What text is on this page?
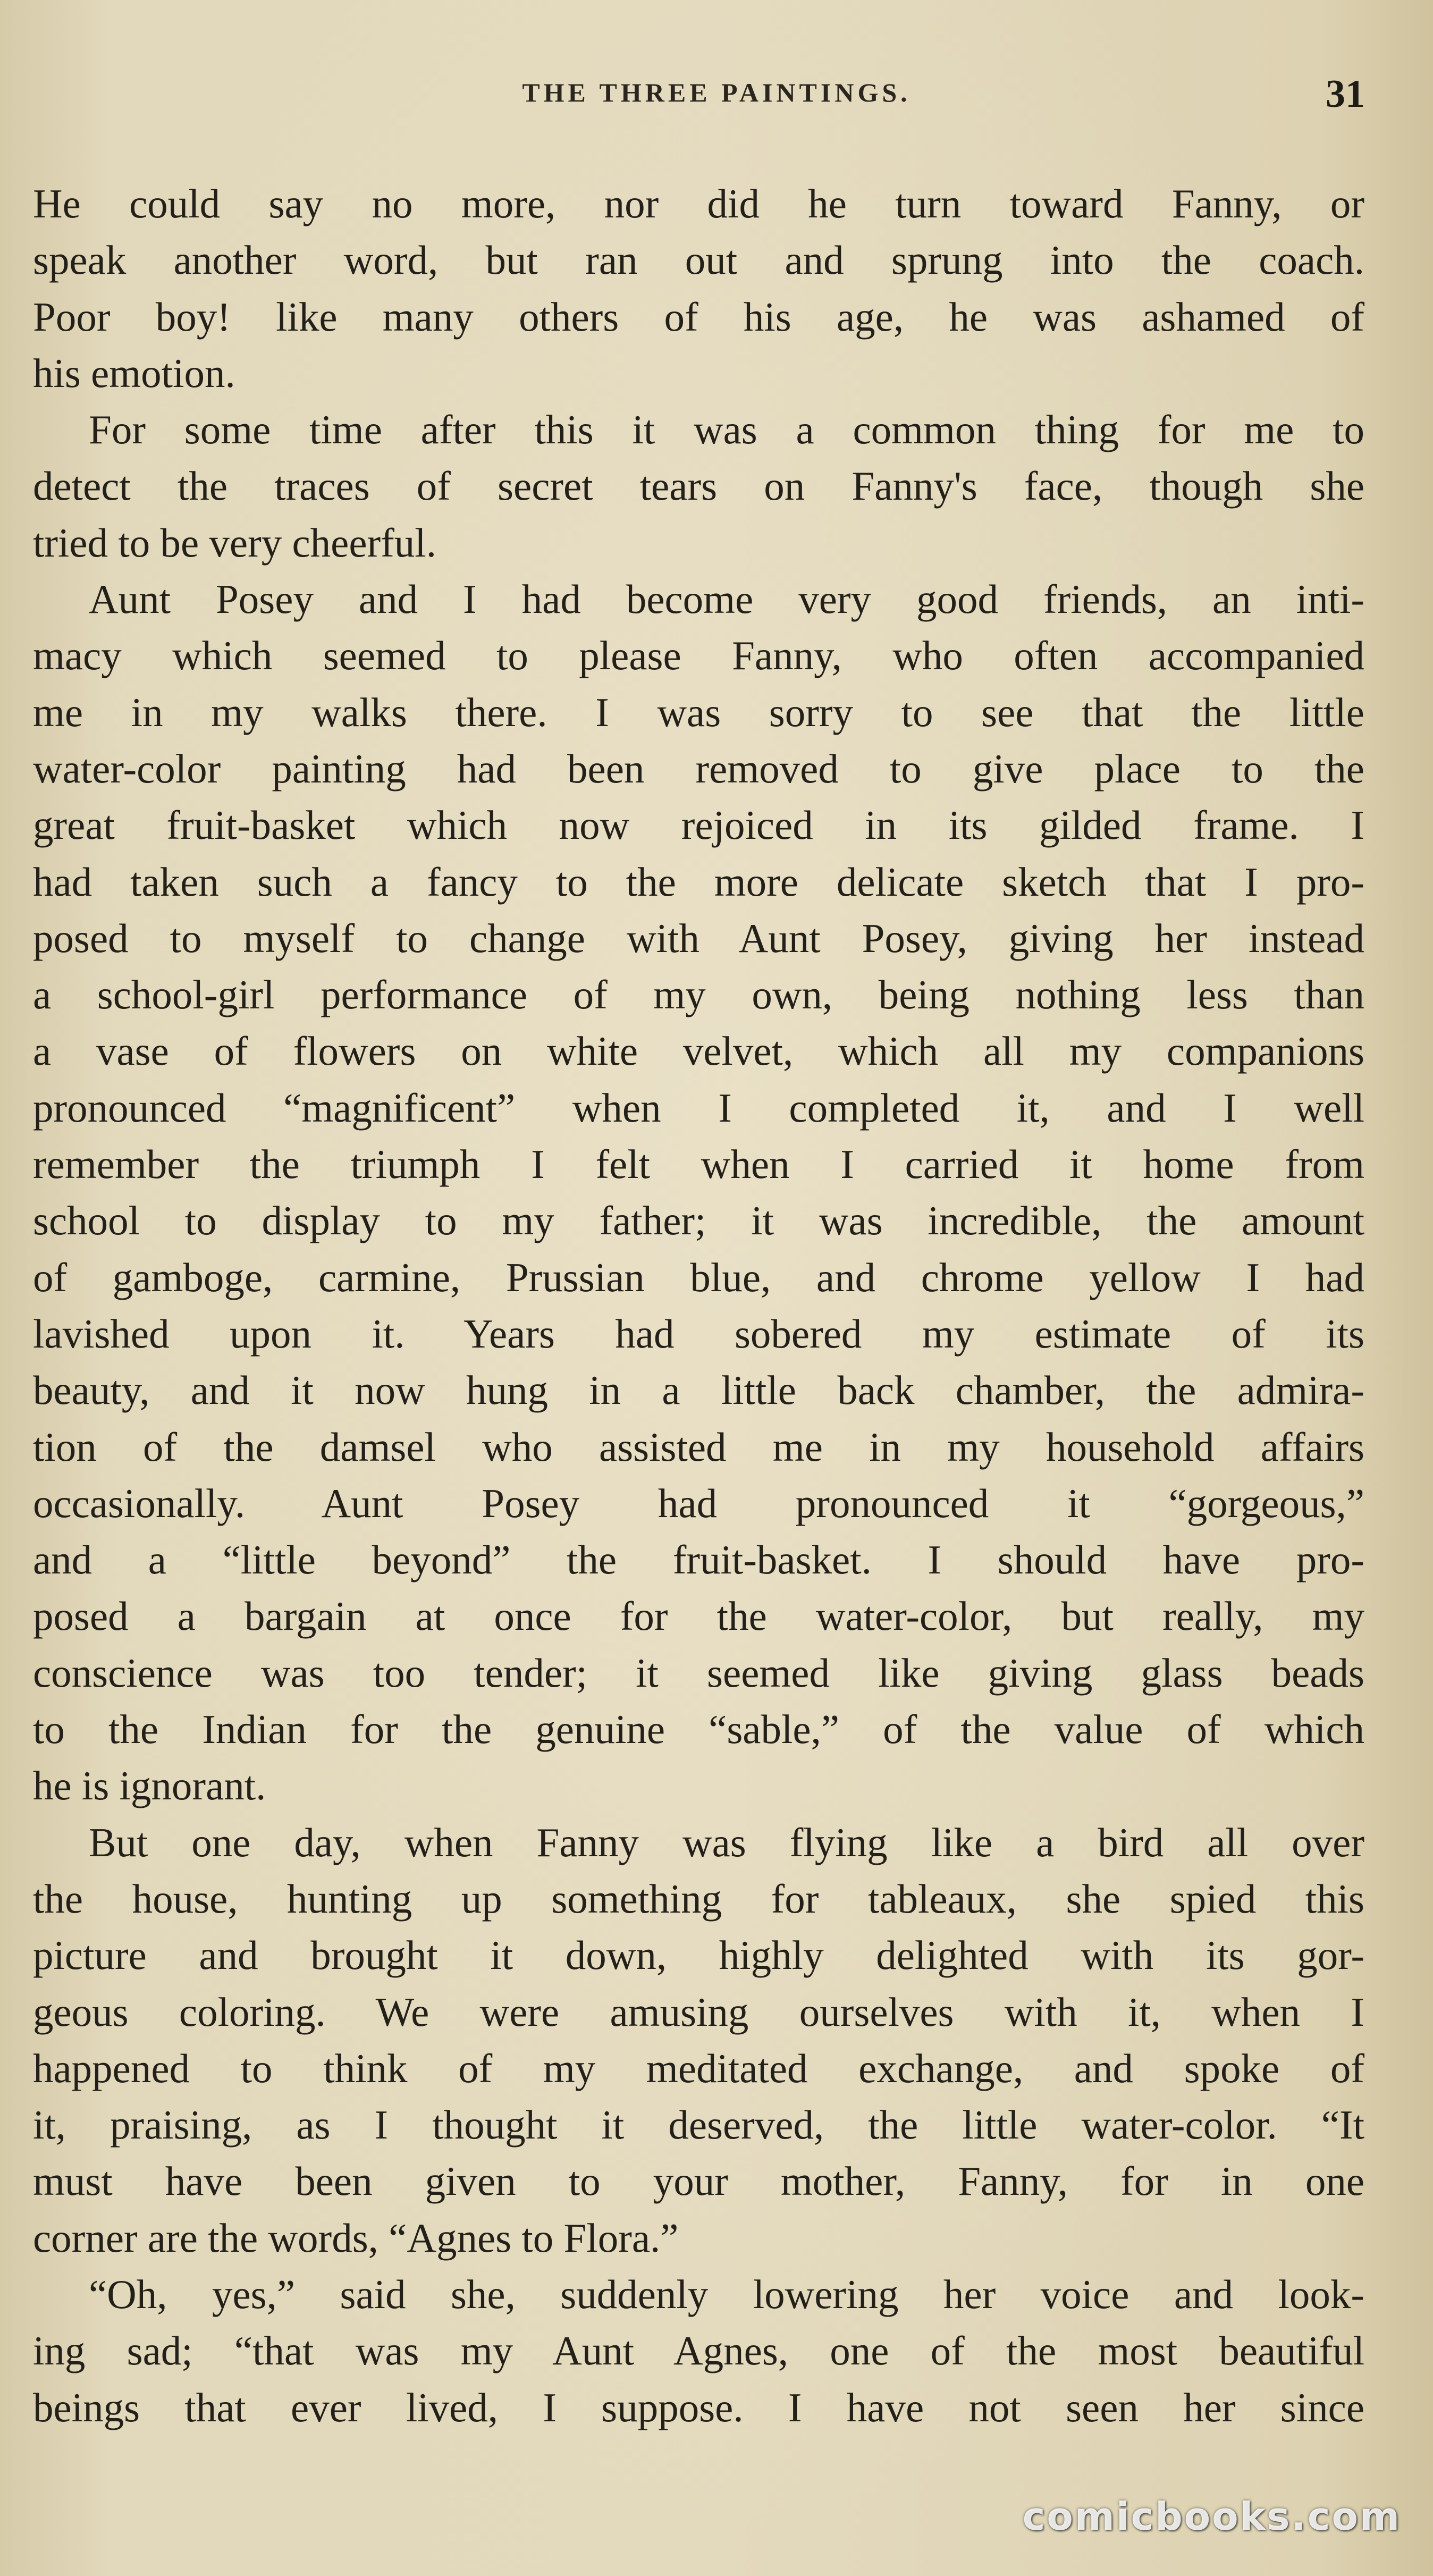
THE THREE PAINTINGS.	31
He could say no more, nor did he turn toward Fanny, or
speak another word, but ran out and sprung into the coach.
Poor boy! like many others of his age, he was ashamed of
his emotion.
For some time after this it was a common thing for me to
detect the traces of secret tears on Fanny's face, though she
tried to be very cheerful.
Aunt Posey and I had become very good friends, an inti-
macy which seemed to please Fanny, who often accompanied
me in my walks there. I was sorry to see that the little
water-color painting had been removed to give place to the
great fruit-basket which now rejoiced in its gilded frame. I
had taken such a fancy to the more delicate sketch that I pro-
posed to myself to change with Aunt Posey, giving her instead
a school-girl performance of my own, being nothing less than
a vase of flowers on white velvet, which all my companions
pronounced “magnificent” when I completed it, and I well
remember the triumph I felt when I carried it home from
school to display to my father; it was incredible, the amount
of gamboge, carmine, Prussian blue, and chrome yellow I had
lavished upon it. Years had sobered my estimate of its
beauty, and it now hung in a little back chamber, the admira-
tion of the damsel who assisted me in my household affairs
occasionally. Aunt Posey had pronounced it “gorgeous,”
and a “little beyond” the fruit-basket. I should have pro-
posed a bargain at once for the water-color, but really, my
conscience was too tender; it seemed like giving glass beads
to the Indian for the genuine “sable,” of the value of which
he is ignorant.
But one day, when Fanny was flying like a bird all over
the house, hunting up something for tableaux, she spied this
picture and brought it down, highly delighted with its gor-
geous coloring. We were amusing ourselves with it, when I
happened to think of my meditated exchange, and spoke of
it, praising, as I thought it deserved, the little water-color. “It
must have been given to your mother, Fanny, for in one
corner are the words, “Agnes to Flora.”
“Oh, yes,” said she, suddenly lowering her voice and look-
ing sad; “that was my Aunt Agnes, one of the most beautiful
beings that ever lived, I suppose. I have not seen her since
comicbooks.com
